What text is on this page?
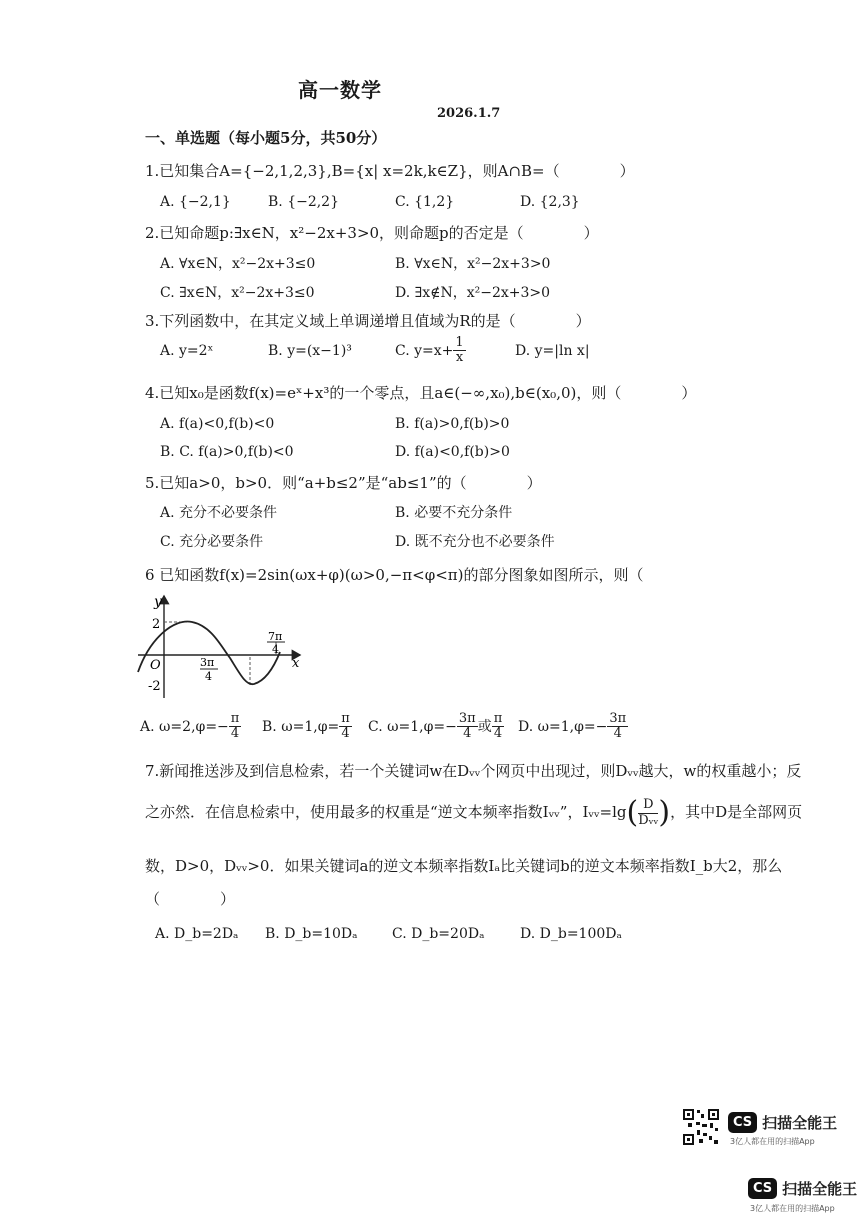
高一数学
2026.1.7
一、单选题（每小题5分，共50分）
1.已知集合A={−2,1,2,3},B={x| x=2k,k∈Z}，则A∩B=（　　　　）
A. {−2,1}	B. {−2,2}	C. {1,2}	D. {2,3}
2.已知命题p:∃x∈N，x²−2x+3>0，则命题p的否定是（　　　　）
A. ∀x∈N，x²−2x+3≤0	B. ∀x∈N，x²−2x+3>0
C. ∃x∈N，x²−2x+3≤0	D. ∃x∉N，x²−2x+3>0
3.下列函数中，在其定义域上单调递增且值域为R的是（　　　　）
A. y=2ˣ	B. y=(x−1)³	C. $y=x+ \frac{1}{x}$	D. y=|ln x|
4.已知x₀是函数f(x)=eˣ+x³的一个零点，且a∈(−∞,x₀),b∈(x₀,0)，则（　　　　）
A. f(a)<0,f(b)<0	B. f(a)>0,f(b)>0
B. C. f(a)>0,f(b)<0	D. f(a)<0,f(b)>0
5.已知a>0，b>0．则“a+b≤2”是“ab≤1”的（　　　　）
A. 充分不必要条件	B. 必要不充分条件
C. 充分必要条件	D. 既不充分也不必要条件
6 已知函数f(x)=2sin(ωx+φ)(ω>0,−π<φ<π)的部分图象如图所示，则（
y
x
O
2
-2
3π
4
7π
4
A. $\omega=2,\varphi=- \frac{\pi}{4} B$. $\omega=1,\varphi= \frac{\pi}{4} C$. $\omega=1,\varphi=- \frac{3\pi}{4}$ 或 $\frac{\pi}{4} D$. $\omega=1,\varphi=- \frac{3\pi}{4}$
7.新闻推送涉及到信息检索，若一个关键词w在Dᵥᵥ个网页中出现过，则Dᵥᵥ越大，w的权重越小；反
之亦然．在信息检索中，使用最多的权重是“逆文本频率指数Iᵥᵥ”，Iᵥᵥ=lg( $\frac{D}{\text{Dᵥᵥ}}$ )，其中D是全部网页
数，D>0，Dᵥᵥ>0．如果关键词a的逆文本频率指数Iₐ比关键词b的逆文本频率指数I_b大2，那么
（　　　　）
A. D_b=2Dₐ B. D_b=10Dₐ C. D_b=20Dₐ	D. D_b=100Dₐ
CS 扫描全能王
3亿人都在用的扫描App
CS 扫描全能王
3亿人都在用的扫描App
